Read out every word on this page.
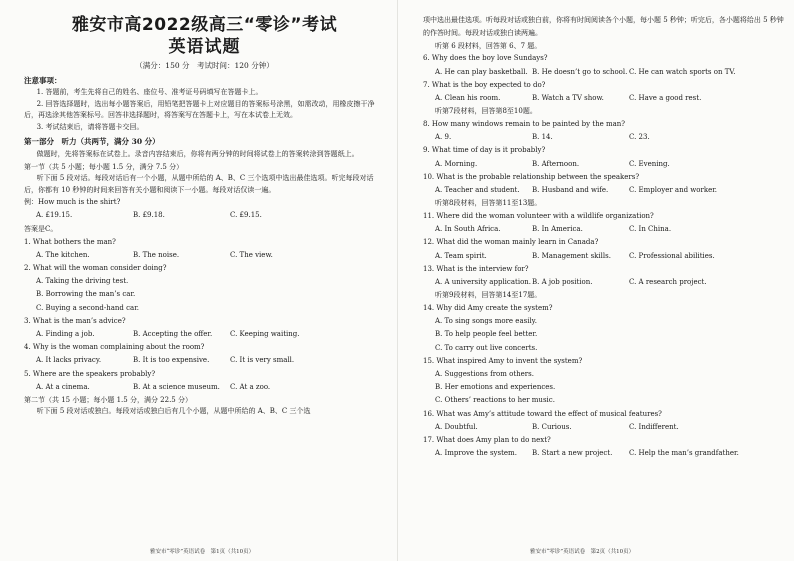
雅安市高2022级高三“零诊”考试
英语试题
（满分：150 分　考试时间：120 分钟）
注意事项：
1. 答题前，考生先将自己的姓名、座位号、准考证号码填写在答题卡上。
2. 回答选择题时，选出每小题答案后，用铅笔把答题卡上对应题目的答案标号涂黑，如需改动，用橡皮擦干净后，再选涂其他答案标号。回答非选择题时，将答案写在答题卡上，写在本试卷上无效。
3. 考试结束后，请将答题卡交回。
第一部分　听力（共两节，满分 30 分）
做题时，先将答案标在试卷上。录音内容结束后，你将有两分钟的时间将试卷上的答案转涂到答题纸上。
第一节（共 5 小题；每小题 1.5 分，满分 7.5 分）
听下面 5 段对话。每段对话后有一个小题，从题中所给的 A、B、C 三个选项中选出最佳选项。听完每段对话后，你都有 10 秒钟的时间来回答有关小题和阅读下一小题。每段对话仅读一遍。
例：How much is the shirt?
A. £19.15.	B. £9.18.	C. £9.15.
答案是C。
1. What bothers the man?
A. The kitchen.	B. The noise.	C. The view.
2. What will the woman consider doing?
A. Taking the driving test.
B. Borrowing the man’s car.
C. Buying a second-hand car.
3. What is the man’s advice?
A. Finding a job.	B. Accepting the offer.	C. Keeping waiting.
4. Why is the woman complaining about the room?
A. It lacks privacy.	B. It is too expensive.	C. It is very small.
5. Where are the speakers probably?
A. At a cinema.	B. At a science museum.	C. At a zoo.
第二节（共 15 小题；每小题 1.5 分，满分 22.5 分）
听下面 5 段对话或独白。每段对话或独白后有几个小题，从题中所给的 A、B、C 三个选
雅安市“零诊”英语试卷　第1页（共10页）
项中选出最佳选项。听每段对话或独白前，你将有时间阅读各个小题，每小题 5 秒钟；听完后，各小题将给出 5 秒钟的作答时间。每段对话或独白读两遍。
听第 6 段材料，回答第 6、7 题。
6. Why does the boy love Sundays?
A. He can play basketball. B. He doesn’t go to school. C. He can watch sports on TV.
7. What is the boy expected to do?
A. Clean his room.	B. Watch a TV show.	C. Have a good rest.
听第7段材料，回答第8至10题。
8. How many windows remain to be painted by the man?
A. 9.	B. 14.	C. 23.
9. What time of day is it probably?
A. Morning.	B. Afternoon.	C. Evening.
10. What is the probable relationship between the speakers?
A. Teacher and student.	B. Husband and wife.	C. Employer and worker.
听第8段材料，回答第11至13题。
11. Where did the woman volunteer with a wildlife organization?
A. In South Africa.	B. In America.	C. In China.
12. What did the woman mainly learn in Canada?
A. Team spirit.	B. Management skills.	C. Professional abilities.
13. What is the interview for?
A. A university application. B. A job position.	C. A research project.
听第9段材料，回答第14至17题。
14. Why did Amy create the system?
A. To sing songs more easily.
B. To help people feel better.
C. To carry out live concerts.
15. What inspired Amy to invent the system?
A. Suggestions from others.
B. Her emotions and experiences.
C. Others’ reactions to her music.
16. What was Amy’s attitude toward the effect of musical features?
A. Doubtful.	B. Curious.	C. Indifferent.
17. What does Amy plan to do next?
A. Improve the system.	B. Start a new project.	C. Help the man’s grandfather.
雅安市“零诊”英语试卷　第2页（共10页）
